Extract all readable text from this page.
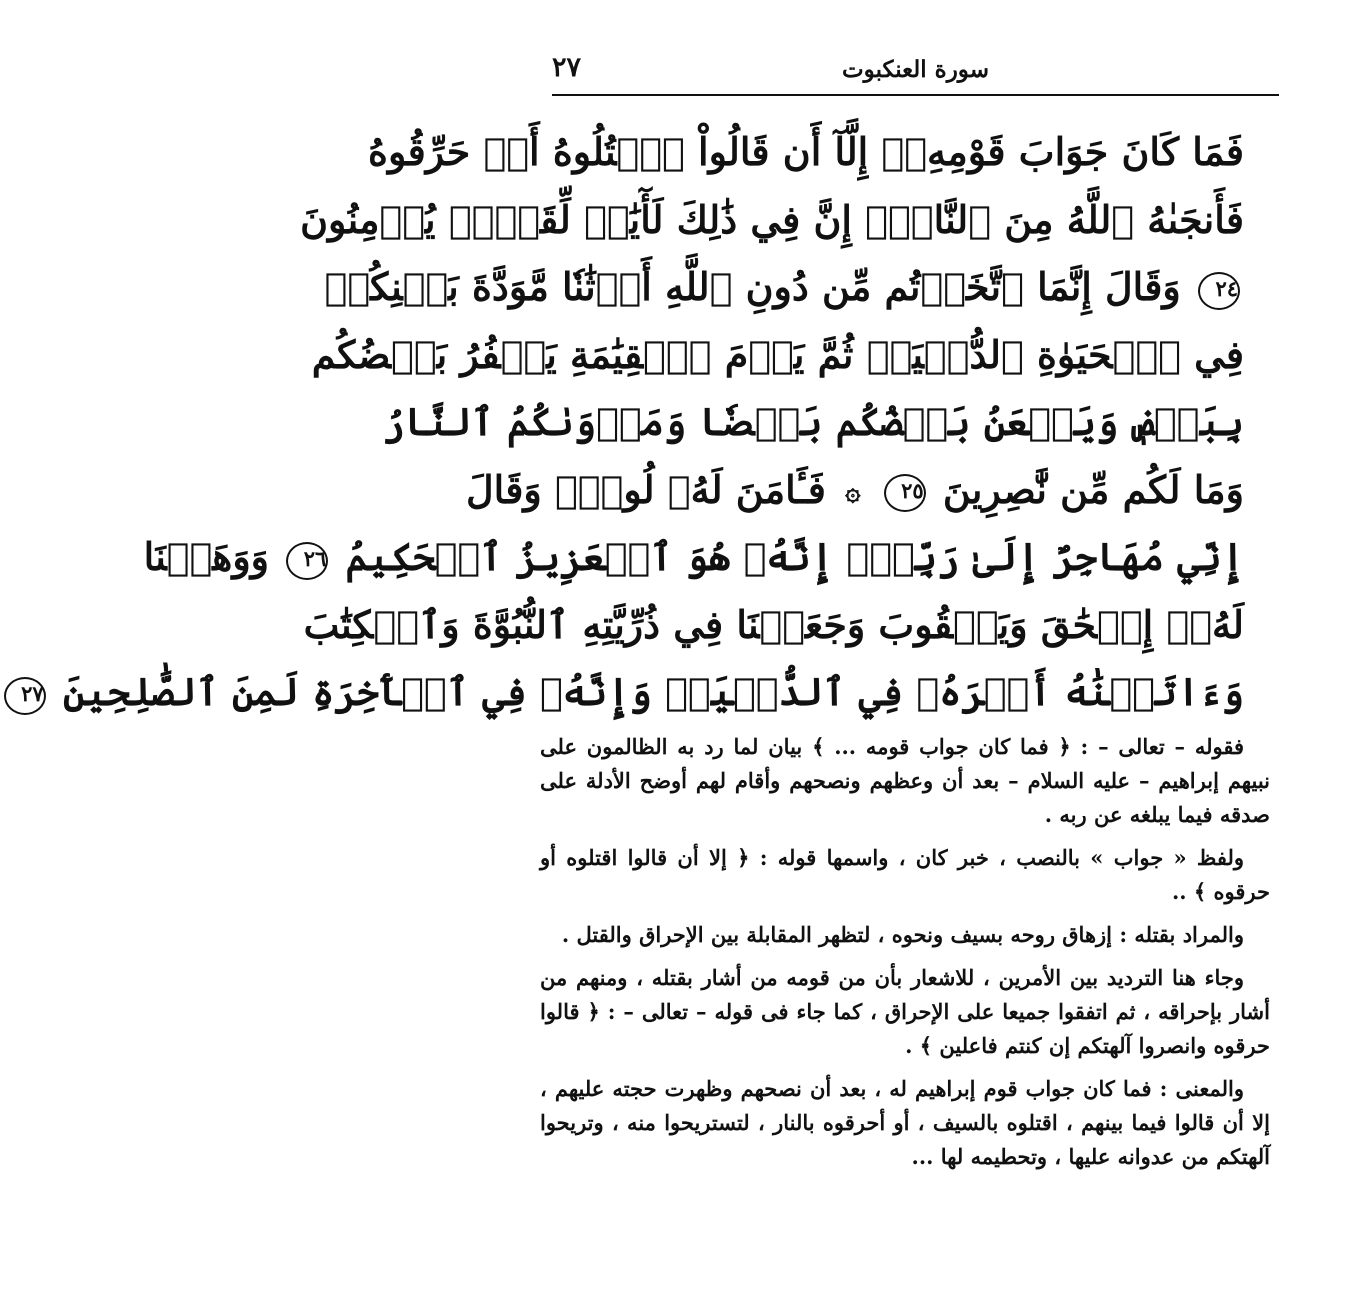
سورة العنكبوت
٢٧
فَمَا كَانَ جَوَابَ قَوْمِهِۦٓ إِلَّآ أَن قَالُواْ ٱقۡتُلُوهُ أَوۡ حَرِّقُوهُ
فَأَنجَىٰهُ ٱللَّهُ مِنَ ٱلنَّارِۚ إِنَّ فِي ذَٰلِكَ لَأٓيَٰتٖ لِّقَوۡمٖ يُؤۡمِنُونَ
٢٤ وَقَالَ إِنَّمَا ٱتَّخَذۡتُم مِّن دُونِ ٱللَّهِ أَوۡثَٰنٗا مَّوَدَّةَ بَيۡنِكُمۡ
فِي ٱلۡحَيَوٰةِ ٱلدُّنۡيَاۖ ثُمَّ يَوۡمَ ٱلۡقِيَٰمَةِ يَكۡفُرُ بَعۡضُكُم
بِبَعۡضٖ وَيَلۡعَنُ بَعۡضُكُم بَعۡضٗا وَمَأۡوَىٰكُمُ ٱلنَّارُ
وَمَا لَكُم مِّن نَّٰصِرِينَ ٢٥ ۞ فَـَٔامَنَ لَهُۥ لُوطٞۘ وَقَالَ
إِنِّي مُهَاجِرٌ إِلَىٰ رَبِّيٓۖ إِنَّهُۥ هُوَ ٱلۡعَزِيزُ ٱلۡحَكِيمُ ٢٦ وَوَهَبۡنَا
لَهُۥٓ إِسۡحَٰقَ وَيَعۡقُوبَ وَجَعَلۡنَا فِي ذُرِّيَّتِهِ ٱلنُّبُوَّةَ وَٱلۡكِتَٰبَ
وَءَاتَيۡنَٰهُ أَجۡرَهُۥ فِي ٱلدُّنۡيَاۖ وَإِنَّهُۥ فِي ٱلۡأٓخِرَةِ لَمِنَ ٱلصَّٰلِحِينَ ٢٧

فقوله – تعالى – : ﴿ فما كان جواب قومه ... ﴾ بيان لما رد به الظالمون على نبيهم إبراهيم – عليه السلام – بعد أن وعظهم ونصحهم وأقام لهم أوضح الأدلة على صدقه فيما يبلغه عن ربه .

ولفظ « جواب » بالنصب ، خبر كان ، واسمها قوله : ﴿ إلا أن قالوا اقتلوه أو حرقوه ﴾ ..

والمراد بقتله : إزهاق روحه بسيف ونحوه ، لتظهر المقابلة بين الإحراق والقتل .

وجاء هنا الترديد بين الأمرين ، للاشعار بأن من قومه من أشار بقتله ، ومنهم من أشار بإحراقه ، ثم اتفقوا جميعا على الإحراق ، كما جاء فى قوله – تعالى – : ﴿ قالوا حرقوه وانصروا آلهتكم إن كنتم فاعلين ﴾ .

والمعنى : فما كان جواب قوم إبراهيم له ، بعد أن نصحهم وظهرت حجته عليهم ، إلا أن قالوا فيما بينهم ، اقتلوه بالسيف ، أو أحرقوه بالنار ، لتستريحوا منه ، وتريحوا آلهتكم من عدوانه عليها ، وتحطيمه لها ...
